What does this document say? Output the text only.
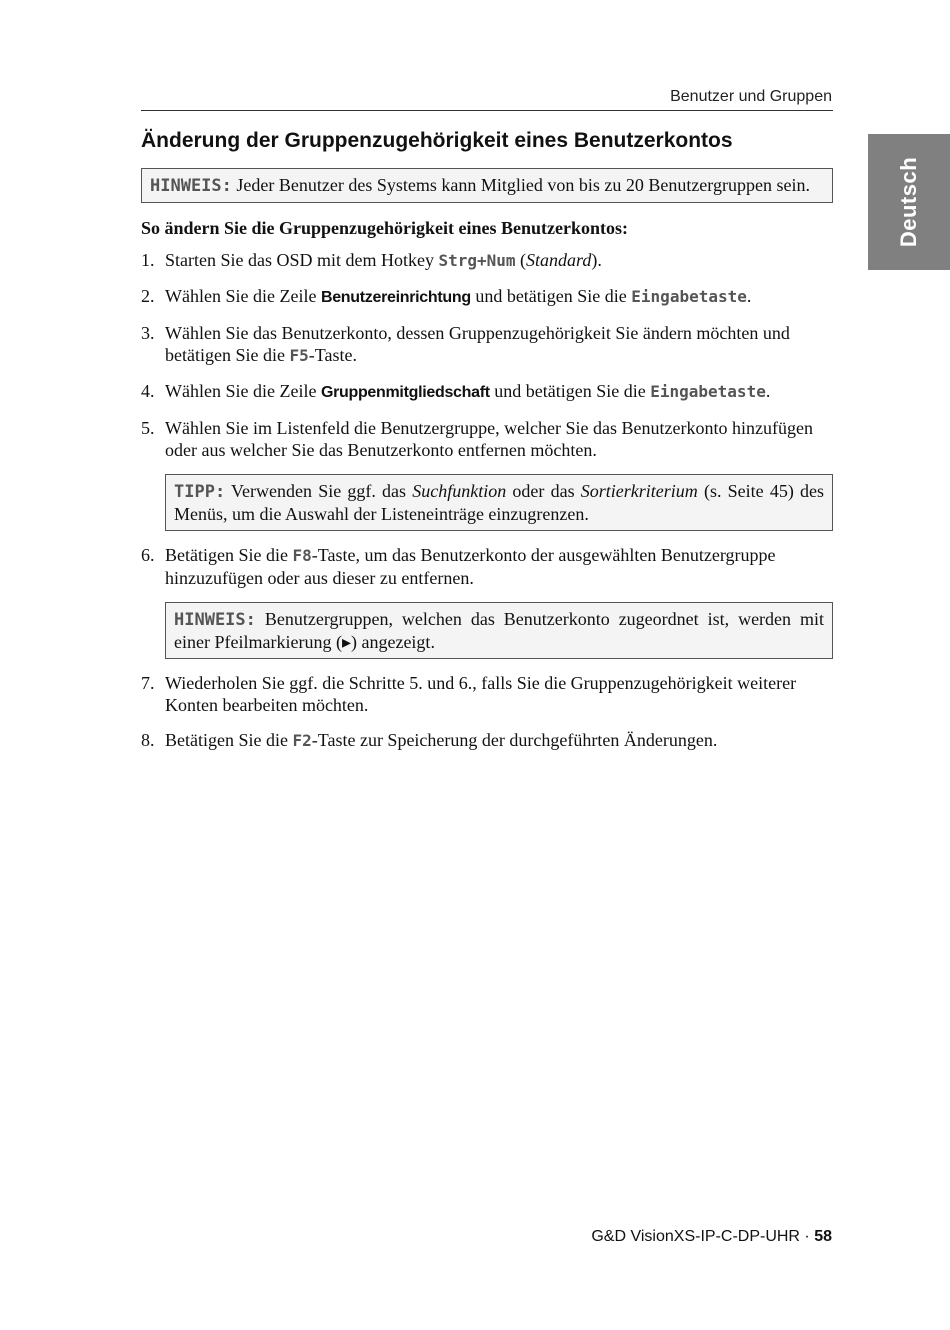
Benutzer und Gruppen
Deutsch
Änderung der Gruppenzugehörigkeit eines Benutzerkontos
HINWEIS: Jeder Benutzer des Systems kann Mitglied von bis zu 20 Benutzergruppen sein.
So ändern Sie die Gruppenzugehörigkeit eines Benutzerkontos:
1. Starten Sie das OSD mit dem Hotkey Strg+Num (Standard).
2. Wählen Sie die Zeile Benutzereinrichtung und betätigen Sie die Eingabetaste.
3. Wählen Sie das Benutzerkonto, dessen Gruppenzugehörigkeit Sie ändern möchten und betätigen Sie die F5-Taste.
4. Wählen Sie die Zeile Gruppenmitgliedschaft und betätigen Sie die Eingabetaste.
5. Wählen Sie im Listenfeld die Benutzergruppe, welcher Sie das Benutzerkonto hinzufügen oder aus welcher Sie das Benutzerkonto entfernen möchten.
TIPP: Verwenden Sie ggf. das Suchfunktion oder das Sortierkriterium (s. Seite 45) des Menüs, um die Auswahl der Listeneinträge einzugrenzen.
6. Betätigen Sie die F8-Taste, um das Benutzerkonto der ausgewählten Benutzergruppe hinzuzufügen oder aus dieser zu entfernen.
HINWEIS: Benutzergruppen, welchen das Benutzerkonto zugeordnet ist, werden mit einer Pfeilmarkierung (▸) angezeigt.
7. Wiederholen Sie ggf. die Schritte 5. und 6., falls Sie die Gruppenzugehörigkeit weiterer Konten bearbeiten möchten.
8. Betätigen Sie die F2-Taste zur Speicherung der durchgeführten Änderungen.
G&D VisionXS-IP-C-DP-UHR · 58
